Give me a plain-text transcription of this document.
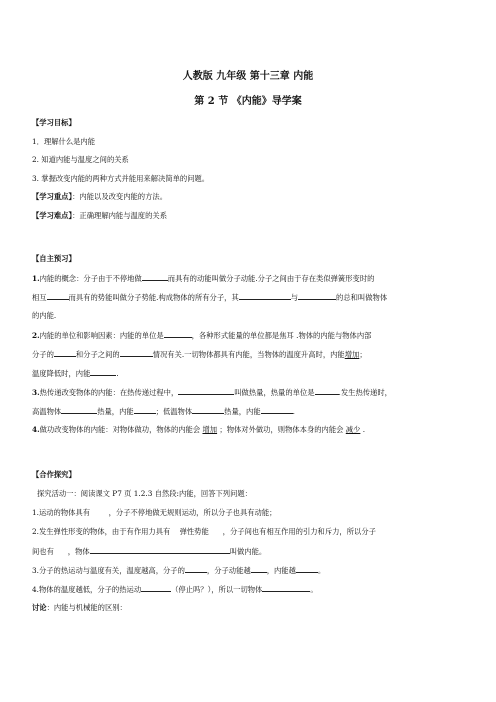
人教版 九年级 第十三章 内能
第 2 节 《内能》导学案
【学习目标】
1．理解什么是内能
2. 知道内能与温度之间的关系
3. 掌握改变内能的两种方式并能用来解决简单的问题。
【学习重点】：内能以及改变内能的方法。
【学习难点】：正确理解内能与温度的关系
【自主预习】
1.内能的概念：分子由于不停地做	而具有的动能叫做分子动能.分子之间由于存在类似弹簧形变时的
相互	而具有的势能叫做分子势能.构成物体的所有分子，其	与	的总和叫做物体
的内能.
2.内能的单位和影响因素：内能的单位是	，各种形式能量的单位都是焦耳 .物体的内能与物体内部
分子的	和分子之间的	情况有关.一切物体都具有内能，当物体的温度升高时，内能增加；
温度降低时，内能	.
3.热传递改变物体的内能：在热传递过程中，	叫做热量，热量的单位是	.发生热传递时，
高温物体	热量，内能	；低温物体	热量，内能	.
4.做功改变物体的内能：对物体做功，物体的内能会 增加 ；物体对外做功，则物体本身的内能会 减少 .
【合作探究】
探究活动一：阅读课文 P7 页 1.2.3 自然段:内能，回答下列问题：
1.运动的物体具有        ，分子不停地做无规则运动，所以分子也具有动能；
2.发生弹性形变的物体，由于有作用力具有    弹性势能      ，分子间也有相互作用的引力和斥力，所以分子
间也有      ，物体	叫做内能。
3.分子的热运动与温度有关，温度越高，分子的	，分子动能越 ，内能越	。
4.物体的温度越低，分子的热运动	（停止吗？），所以一切物体	。
讨论：内能与机械能的区别：
